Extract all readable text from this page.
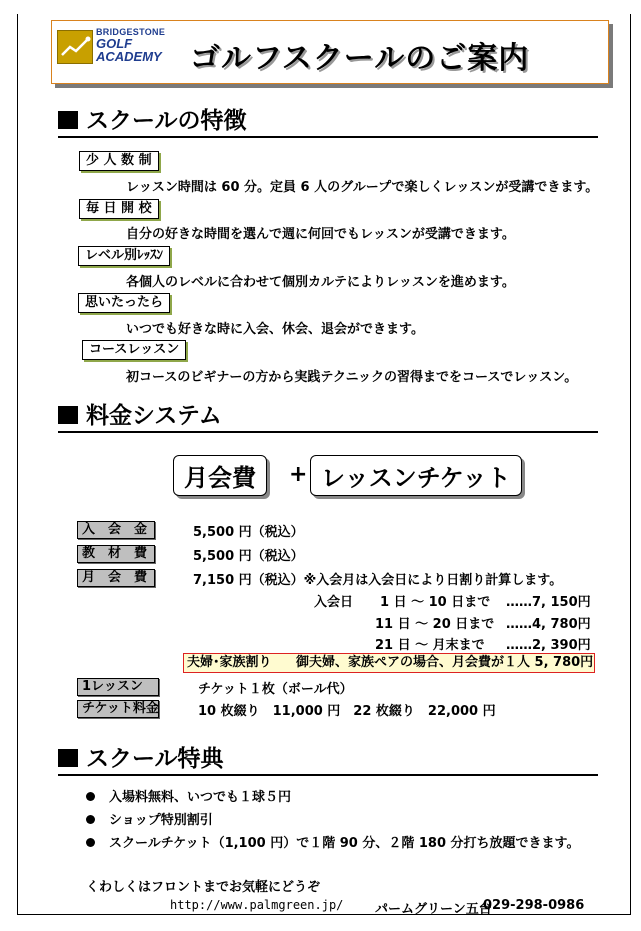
BRIDGESTONE
GOLF
ACADEMY ゴルフスクールのご案内
スクールの特徴
少 人 数 制
レッスン時間は 60 分。定員 6 人のグループで楽しくレッスンが受講できます。
毎 日 開 校
自分の好きな時間を選んで週に何回でもレッスンが受講できます。
レベル別ﾚｯｽﾝ
各個人のレベルに合わせて個別カルテによりレッスンを進めます。
思いたったら
いつでも好きな時に入会、休会、退会ができます。
コースレッスン
初コースのビギナーの方から実践テクニックの習得までをコースでレッスン。
料金システム
月会費	+ レッスンチケット
入　会　金	5,500 円（税込）
教　材　費	5,500 円（税込）
月　会　費	7,150 円（税込）※入会月は入会日により日割り計算します。
入会日 1 日 ～ 10 日まで ……7, 150円
11 日 ～ 20 日まで ……4, 780円
21 日 ～ 月末まで ……2, 390円
夫婦･家族割り 御夫婦、家族ペアの場合、月会費が１人 5, 780円
1レッスン	チケット１枚（ボール代）
チケット料金	10 枚綴り　11,000 円　22 枚綴り　22,000 円
スクール特典
入場料無料、いつでも１球５円
ショップ特別割引
スクールチケット（1,100 円）で１階 90 分、２階 180 分打ち放題できます。
くわしくはフロントまでお気軽にどうぞ
http://www.palmgreen.jp/ パームグリーン五台
029-298-0986
